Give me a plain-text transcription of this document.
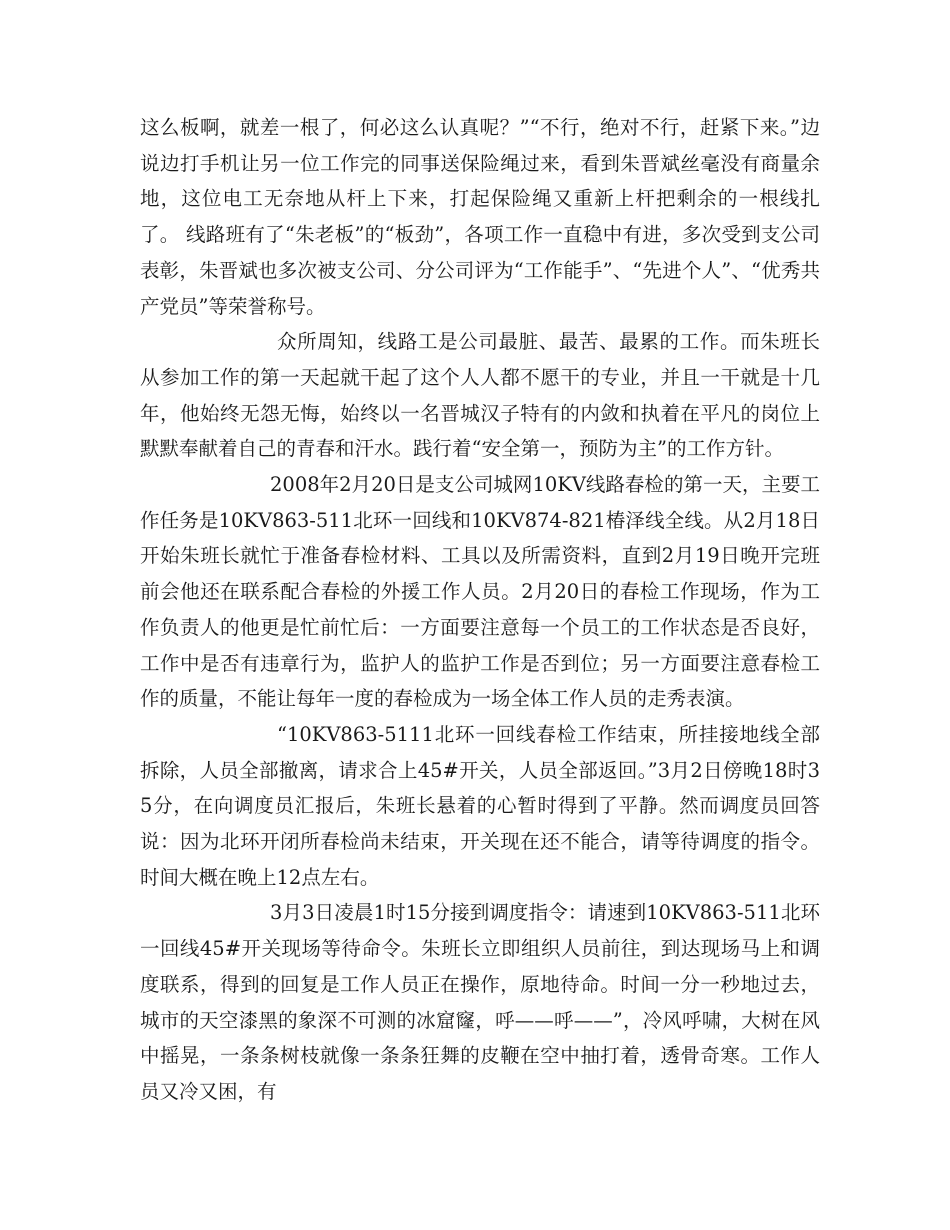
这么板啊，就差一根了，何必这么认真呢？”“不行，绝对不行，赶紧下来。”边说边打手机让另一位工作完的同事送保险绳过来，看到朱晋斌丝毫没有商量余地，这位电工无奈地从杆上下来，打起保险绳又重新上杆把剩余的一根线扎了。 线路班有了“朱老板”的“板劲”，各项工作一直稳中有进，多次受到支公司表彰，朱晋斌也多次被支公司、分公司评为“工作能手”、“先进个人”、“优秀共产党员”等荣誉称号。

众所周知，线路工是公司最脏、最苦、最累的工作。而朱班长从参加工作的第一天起就干起了这个人人都不愿干的专业，并且一干就是十几年，他始终无怨无悔，始终以一名晋城汉子特有的内敛和执着在平凡的岗位上默默奉献着自己的青春和汗水。践行着“安全第一，预防为主”的工作方针。

2008年2月20日是支公司城网10KV线路春检的第一天，主要工作任务是10KV863-511北环一回线和10KV874-821椿泽线全线。从2月18日开始朱班长就忙于准备春检材料、工具以及所需资料，直到2月19日晚开完班前会他还在联系配合春检的外援工作人员。2月20日的春检工作现场，作为工作负责人的他更是忙前忙后：一方面要注意每一个员工的工作状态是否良好，工作中是否有违章行为，监护人的监护工作是否到位；另一方面要注意春检工作的质量，不能让每年一度的春检成为一场全体工作人员的走秀表演。

“10KV863-5111北环一回线春检工作结束，所挂接地线全部拆除，人员全部撤离，请求合上45#开关，人员全部返回。”3月2日傍晚18时35分，在向调度员汇报后，朱班长悬着的心暂时得到了平静。然而调度员回答说：因为北环开闭所春检尚未结束，开关现在还不能合，请等待调度的指令。时间大概在晚上12点左右。

3月3日凌晨1时15分接到调度指令：请速到10KV863-511北环一回线45#开关现场等待命令。朱班长立即组织人员前往，到达现场马上和调度联系，得到的回复是工作人员正在操作，原地待命。时间一分一秒地过去，城市的天空漆黑的象深不可测的冰窟窿，呼——呼——”，冷风呼啸，大树在风中摇晃，一条条树枝就像一条条狂舞的皮鞭在空中抽打着，透骨奇寒。工作人员又冷又困，有
